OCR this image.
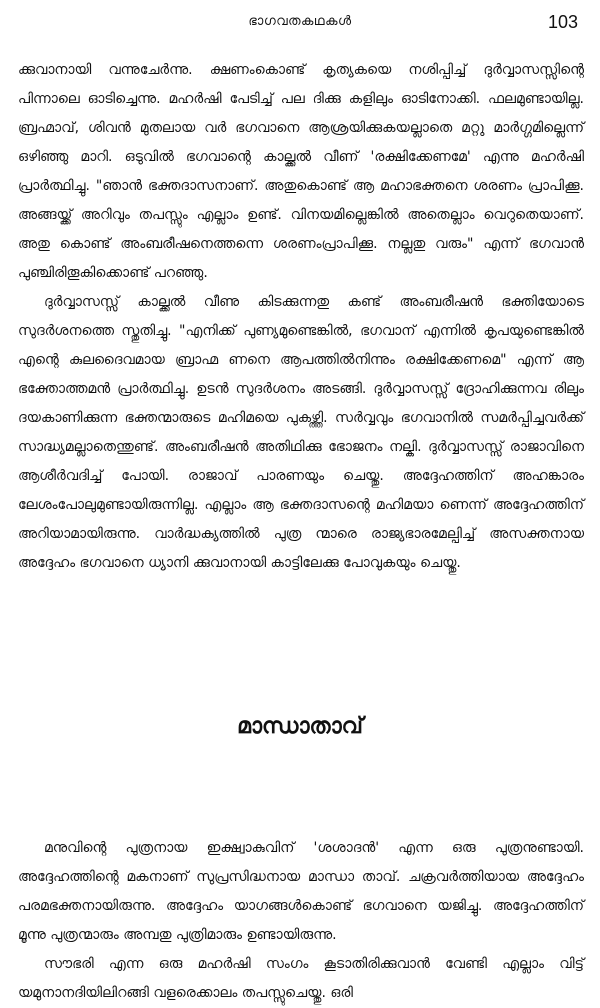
ഭാഗവതകഥകൾ	103

ക്കുവാനായി വന്നുചേർന്നു. ക്ഷണംകൊണ്ട് കൃത്യകയെ നശിപ്പിച്ച് ദുർവ്വാസസ്സിന്റെ പിന്നാലെ ഓടിച്ചെന്നു. മഹർഷി പേടിച്ച് പല ദിക്കു കളിലും ഓടിനോക്കി. ഫലമുണ്ടായില്ല. ബ്രഹ്മാവ്, ശിവൻ മുതലായ വർ ഭഗവാനെ ആശ്രയിക്കുകയല്ലാതെ മറ്റു മാർഗ്ഗമില്ലെന്ന് ഒഴിഞ്ഞു മാറി. ഒടുവിൽ ഭഗവാന്റെ കാല്ക്കൽ വീണ് 'രക്ഷിക്കേണമേ' എന്നു മഹർഷി പ്രാർത്ഥിച്ചു. "ഞാൻ ഭക്തദാസനാണ്. അതുകൊണ്ട് ആ മഹാഭക്തനെ ശരണം പ്രാപിക്കൂ. അങ്ങയ്ക്ക് അറിവും തപസ്സും എല്ലാം ഉണ്ട്. വിനയമില്ലെങ്കിൽ അതെല്ലാം വെറുതെയാണ്. അതു കൊണ്ട് അംബരീഷനെത്തന്നെ ശരണംപ്രാപിക്കൂ. നല്ലതു വരും" എന്ന് ഭഗവാൻ പുഞ്ചിരിതൂകിക്കൊണ്ട് പറഞ്ഞു.

ദുർവ്വാസസ്സ് കാല്ക്കൽ വീണു കിടക്കുന്നതു കണ്ട് അംബരീഷൻ ഭക്തിയോടെ സുദർശനത്തെ സ്തുതിച്ചു. "എനിക്ക് പുണ്യമുണ്ടെങ്കിൽ, ഭഗവാന് എന്നിൽ കൃപയുണ്ടെങ്കിൽ എന്റെ കുലദൈവമായ ബ്രാഹ്മ ണനെ ആപത്തിൽനിന്നും രക്ഷിക്കേണമെ" എന്ന് ആ ഭക്തോത്തമൻ പ്രാർത്ഥിച്ചു. ഉടൻ സുദർശനം അടങ്ങി. ദുർവ്വാസസ്സ് ദ്രോഹിക്കുന്നവ രിലും ദയകാണിക്കുന്ന ഭക്തന്മാരുടെ മഹിമയെ പുകഴ്ത്തി. സർവ്വവും ഭഗവാനിൽ സമർപ്പിച്ചവർക്ക് സാദ്ധ്യമല്ലാതെന്തുണ്ട്. അംബരീഷൻ അതിഥിക്കു ഭോജനം നല്കി. ദുർവ്വാസസ്സ് രാജാവിനെ ആശീർവദിച്ച് പോയി. രാജാവ് പാരണയും ചെയ്തു. അദ്ദേഹത്തിന് അഹങ്കാരം ലേശംപോലുമുണ്ടായിരുന്നില്ല. എല്ലാം ആ ഭക്തദാസന്റെ മഹിമയാ ണെന്ന് അദ്ദേഹത്തിന് അറിയാമായിരുന്നു. വാർദ്ധക്യത്തിൽ പുത്ര ന്മാരെ രാജ്യഭാരമേല്പിച്ച് അസക്തനായ അദ്ദേഹം ഭഗവാനെ ധ്യാനി ക്കുവാനായി കാട്ടിലേക്കു പോവുകയും ചെയ്തു.

മാന്ധാതാവ്

മനുവിന്റെ പുത്രനായ ഇക്ഷ്വാകുവിന് 'ശശാദൻ' എന്ന ഒരു പുത്രനുണ്ടായി. അദ്ദേഹത്തിന്റെ മകനാണ് സുപ്രസിദ്ധനായ മാന്ധാ താവ്. ചക്രവർത്തിയായ അദ്ദേഹം പരമഭക്തനായിരുന്നു. അദ്ദേഹം യാഗങ്ങൾകൊണ്ട് ഭഗവാനെ യജിച്ചു. അദ്ദേഹത്തിന് മൂന്നു പുത്രന്മാരും അമ്പതു പുത്രിമാരും ഉണ്ടായിരുന്നു.

സൗഭരി എന്ന ഒരു മഹർഷി സംഗം കൂടാതിരിക്കുവാൻ വേണ്ടി എല്ലാം വിട്ട് യമുനാനദിയിലിറങ്ങി വളരെക്കാലം തപസ്സുചെയ്തു. ഒരി
